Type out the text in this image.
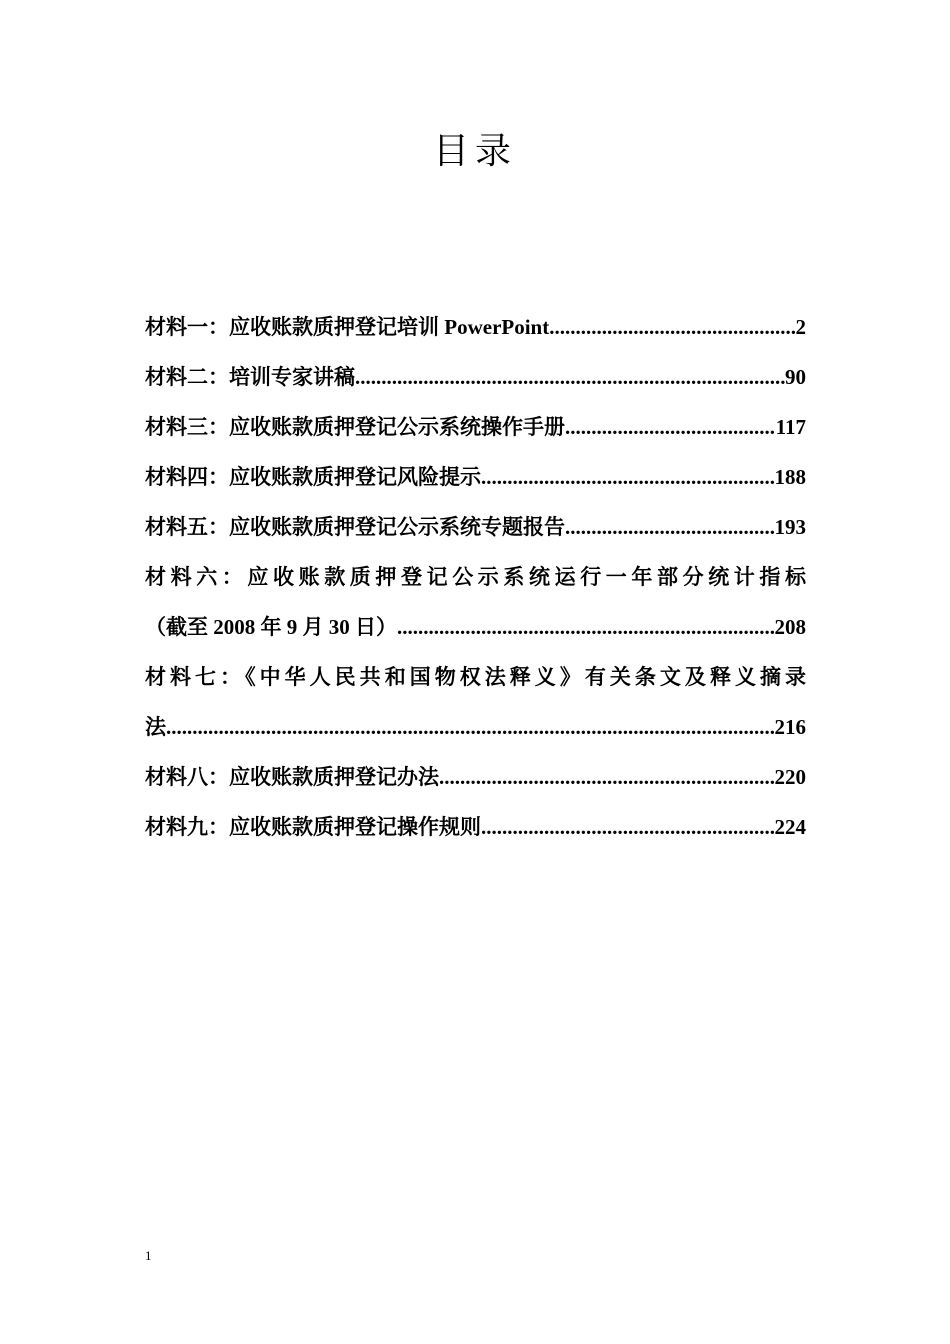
目录
材料一：应收账款质押登记培训 PowerPoint .....	2
材料二：培训专家讲稿 .....	90
材料三：应收账款质押登记公示系统操作手册 .....	117
材料四：应收账款质押登记风险提示 .....	188
材料五：应收账款质押登记公示系统专题报告 .....	193
材料六：应收账款质押登记公示系统运行一年部分统计指标
（截至 2008 年 9 月 30 日） .....	208
材料七：《中华人民共和国物权法释义》有关条文及释义摘录
法 .....	216
材料八：应收账款质押登记办法 .....	220
材料九：应收账款质押登记操作规则 .....	224
1
